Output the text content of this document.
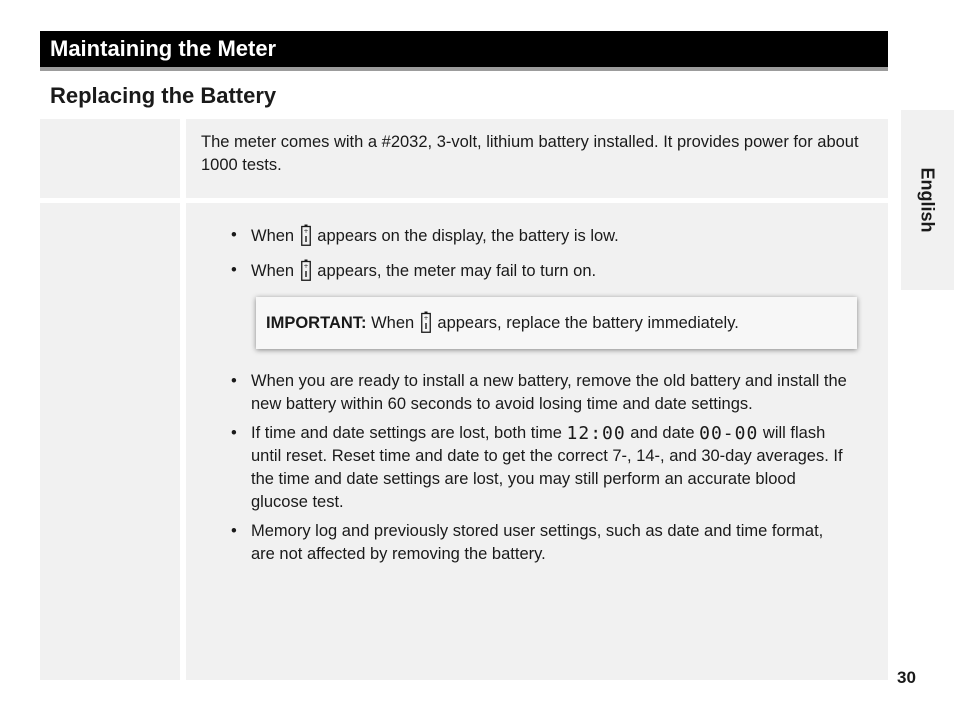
Maintaining the Meter
Replacing the Battery

The meter comes with a #2032, 3-volt, lithium battery installed. It provides power for about 1000 tests.

• When + appears on the display, the battery is low.
• When + appears, the meter may fail to turn on.
IMPORTANT: When + appears, replace the battery immediately.
• When you are ready to install a new battery, remove the old battery and install the new battery within 60 seconds to avoid losing time and date settings.
• If time and date settings are lost, both time 12:00 and date 00-00 will flash until reset. Reset time and date to get the correct 7-, 14-, and 30-day averages. If the time and date settings are lost, you may still perform an accurate blood glucose test.
• Memory log and previously stored user settings, such as date and time format, are not affected by removing the battery.
English
30
